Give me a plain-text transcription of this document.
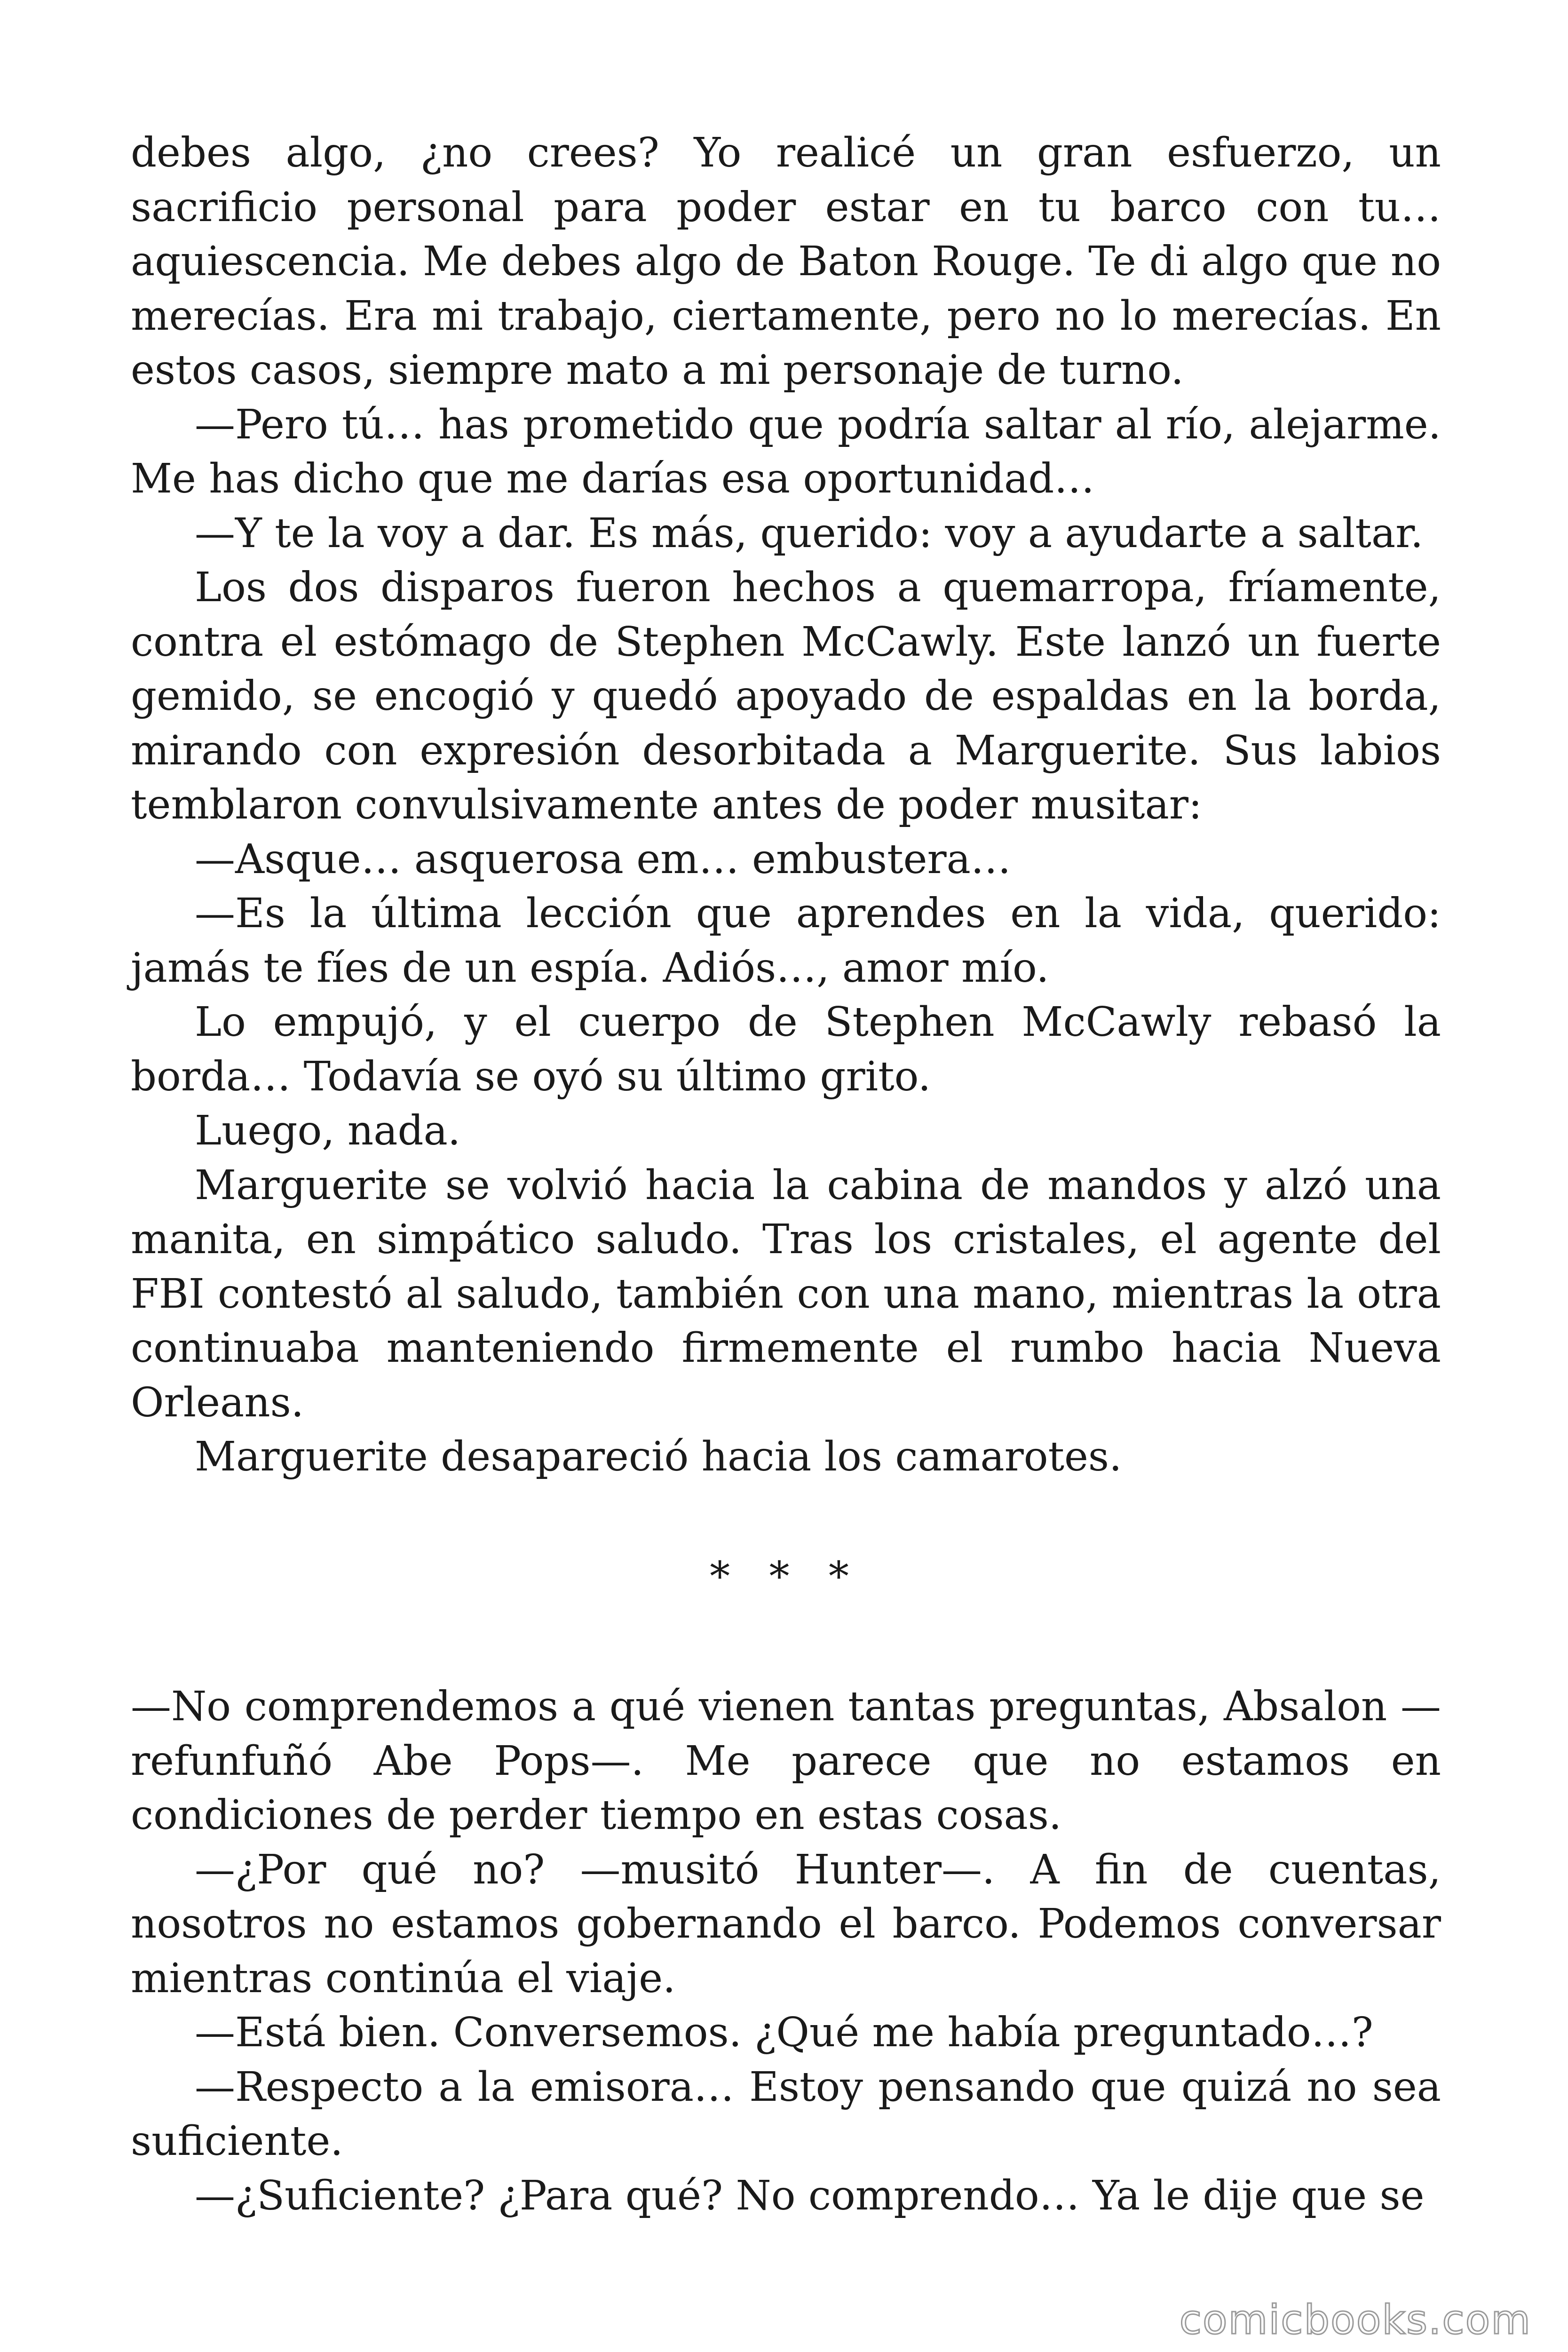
debes algo, ¿no crees? Yo realicé un gran esfuerzo, un sacrificio personal para poder estar en tu barco con tu… aquiescencia. Me debes algo de Baton Rouge. Te di algo que no merecías. Era mi trabajo, ciertamente, pero no lo merecías. En estos casos, siempre mato a mi personaje de turno.

—Pero tú… has prometido que podría saltar al río, alejarme. Me has dicho que me darías esa oportunidad…

—Y te la voy a dar. Es más, querido: voy a ayudarte a saltar.

Los dos disparos fueron hechos a quemarropa, fríamente, contra el estómago de Stephen McCawly. Este lanzó un fuerte gemido, se encogió y quedó apoyado de espaldas en la borda, mirando con expresión desorbitada a Marguerite. Sus labios temblaron convulsivamente antes de poder musitar:

—Asque… asquerosa em… embustera…

—Es la última lección que aprendes en la vida, querido: jamás te fíes de un espía. Adiós…, amor mío.

Lo empujó, y el cuerpo de Stephen McCawly rebasó la borda… Todavía se oyó su último grito.

Luego, nada.

Marguerite se volvió hacia la cabina de mandos y alzó una manita, en simpático saludo. Tras los cristales, el agente del FBI contestó al saludo, también con una mano, mientras la otra continuaba manteniendo firmemente el rumbo hacia Nueva Orleans.

Marguerite desapareció hacia los camarotes.

* * *

—No comprendemos a qué vienen tantas preguntas, Absalon —refunfuñó Abe Pops—. Me parece que no estamos en condiciones de perder tiempo en estas cosas.

—¿Por qué no? —musitó Hunter—. A fin de cuentas, nosotros no estamos gobernando el barco. Podemos conversar mientras continúa el viaje.

—Está bien. Conversemos. ¿Qué me había preguntado…?

—Respecto a la emisora… Estoy pensando que quizá no sea suficiente.

—¿Suficiente? ¿Para qué? No comprendo… Ya le dije que se

comicbooks.com
